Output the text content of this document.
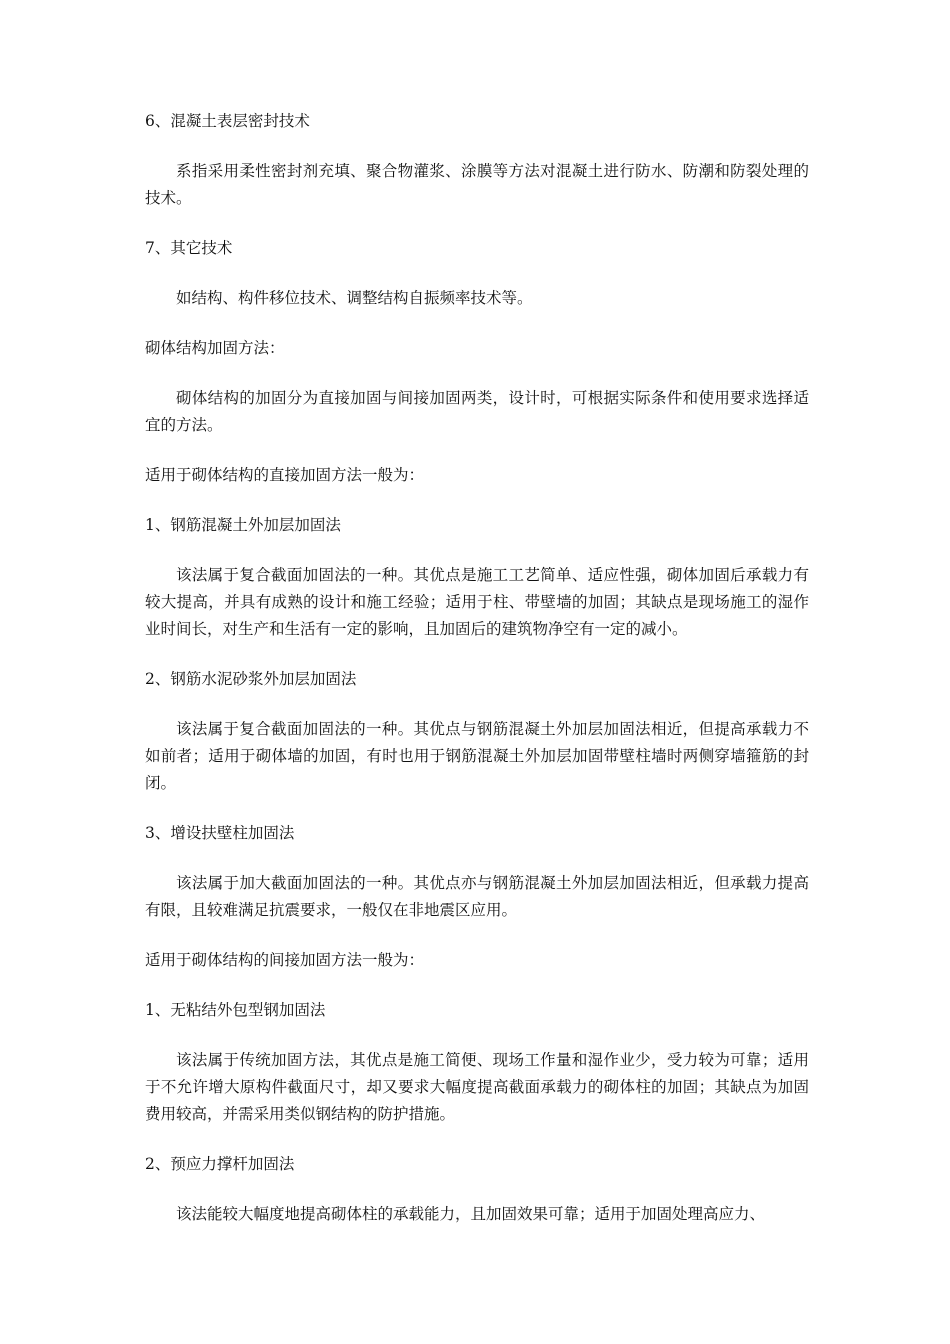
6、混凝土表层密封技术

系指采用柔性密封剂充填、聚合物灌浆、涂膜等方法对混凝土进行防水、防潮和防裂处理的技术。

7、其它技术

如结构、构件移位技术、调整结构自振频率技术等。

砌体结构加固方法：

砌体结构的加固分为直接加固与间接加固两类，设计时，可根据实际条件和使用要求选择适宜的方法。

适用于砌体结构的直接加固方法一般为：

1、钢筋混凝土外加层加固法

该法属于复合截面加固法的一种。其优点是施工工艺简单、适应性强，砌体加固后承载力有较大提高，并具有成熟的设计和施工经验；适用于柱、带壁墙的加固；其缺点是现场施工的湿作业时间长，对生产和生活有一定的影响，且加固后的建筑物净空有一定的减小。

2、钢筋水泥砂浆外加层加固法

该法属于复合截面加固法的一种。其优点与钢筋混凝土外加层加固法相近，但提高承载力不如前者；适用于砌体墙的加固，有时也用于钢筋混凝土外加层加固带壁柱墙时两侧穿墙箍筋的封闭。

3、增设扶壁柱加固法

该法属于加大截面加固法的一种。其优点亦与钢筋混凝土外加层加固法相近，但承载力提高有限，且较难满足抗震要求，一般仅在非地震区应用。

适用于砌体结构的间接加固方法一般为：

1、无粘结外包型钢加固法

该法属于传统加固方法，其优点是施工简便、现场工作量和湿作业少，受力较为可靠；适用于不允许增大原构件截面尺寸，却又要求大幅度提高截面承载力的砌体柱的加固；其缺点为加固费用较高，并需采用类似钢结构的防护措施。

2、预应力撑杆加固法

该法能较大幅度地提高砌体柱的承载能力，且加固效果可靠；适用于加固处理高应力、
